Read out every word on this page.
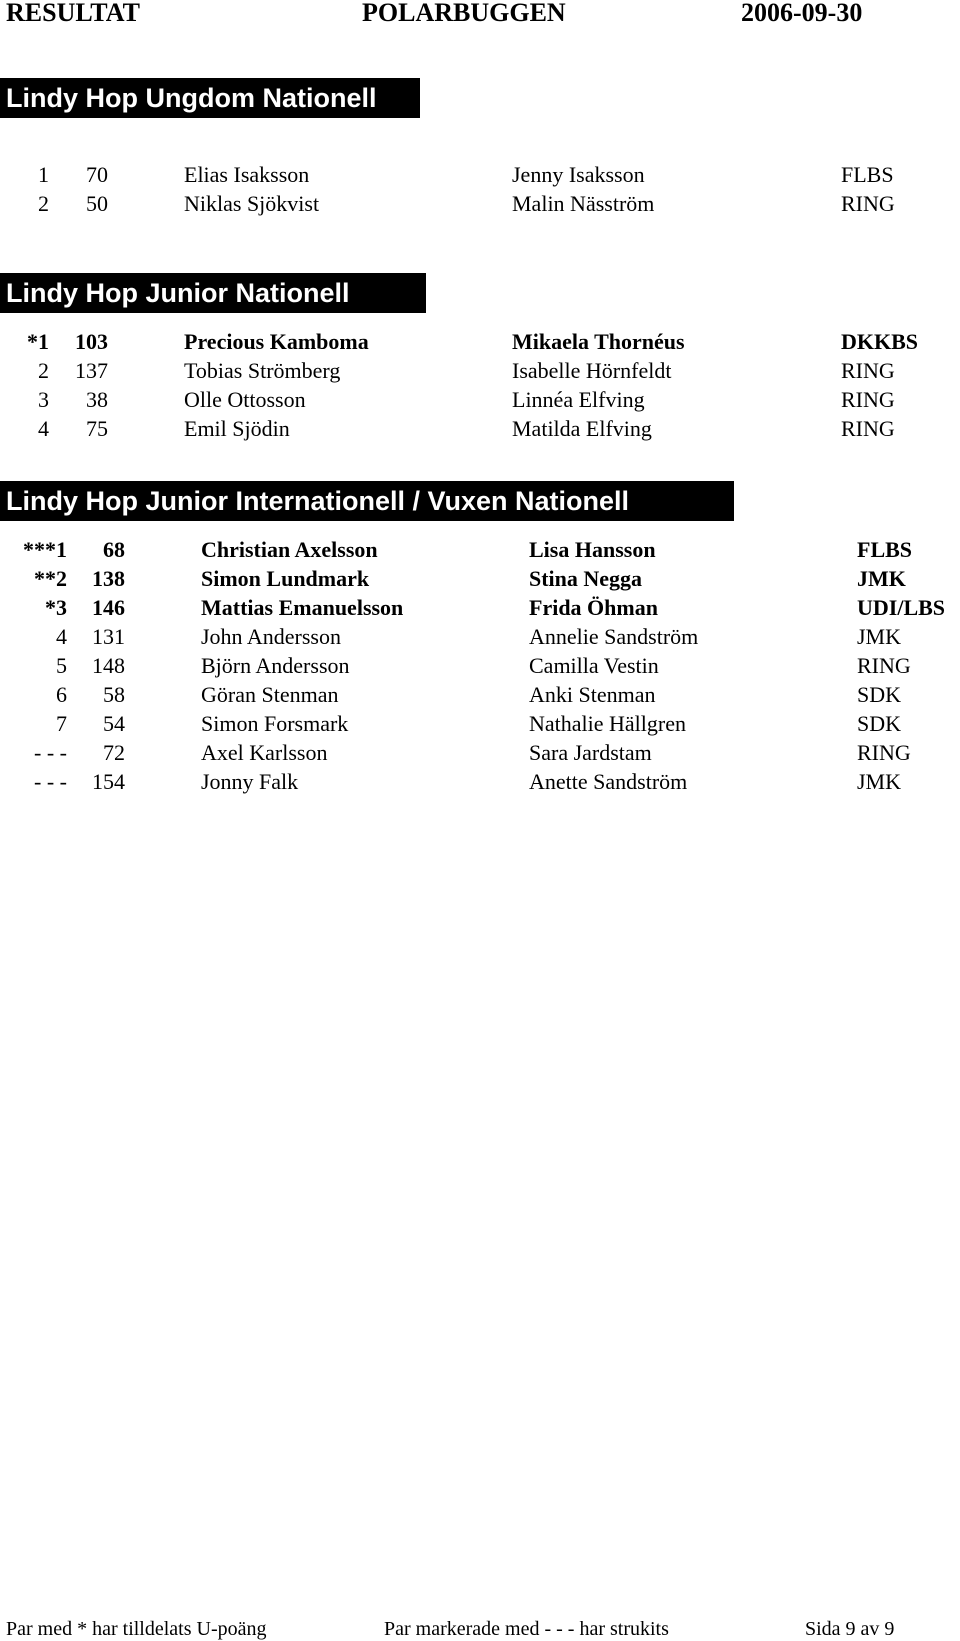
RESULTAT	POLARBUGGEN	2006-09-30
Lindy Hop Ungdom Nationell
1	70	Elias Isaksson	Jenny Isaksson	FLBS
2	50	Niklas Sjökvist	Malin Näsström	RING
Lindy Hop Junior Nationell
*1	103	Precious Kamboma	Mikaela Thornéus	DKKBS
2	137	Tobias Strömberg	Isabelle Hörnfeldt	RING
3	38	Olle Ottosson	Linnéa Elfving	RING
4	75	Emil Sjödin	Matilda Elfving	RING
Lindy Hop Junior Internationell / Vuxen Nationell
***1	68	Christian Axelsson	Lisa Hansson	FLBS
**2	138	Simon Lundmark	Stina Negga	JMK
*3	146	Mattias Emanuelsson	Frida Öhman	UDI/LBS
4	131	John Andersson	Annelie Sandström	JMK
5	148	Björn Andersson	Camilla Vestin	RING
6	58	Göran Stenman	Anki Stenman	SDK
7	54	Simon Forsmark	Nathalie Hällgren	SDK
- - -	72	Axel Karlsson	Sara Jardstam	RING
- - -	154	Jonny Falk	Anette Sandström	JMK
Par med * har tilldelats U-poäng	Par markerade med - - - har strukits	Sida 9 av 9
